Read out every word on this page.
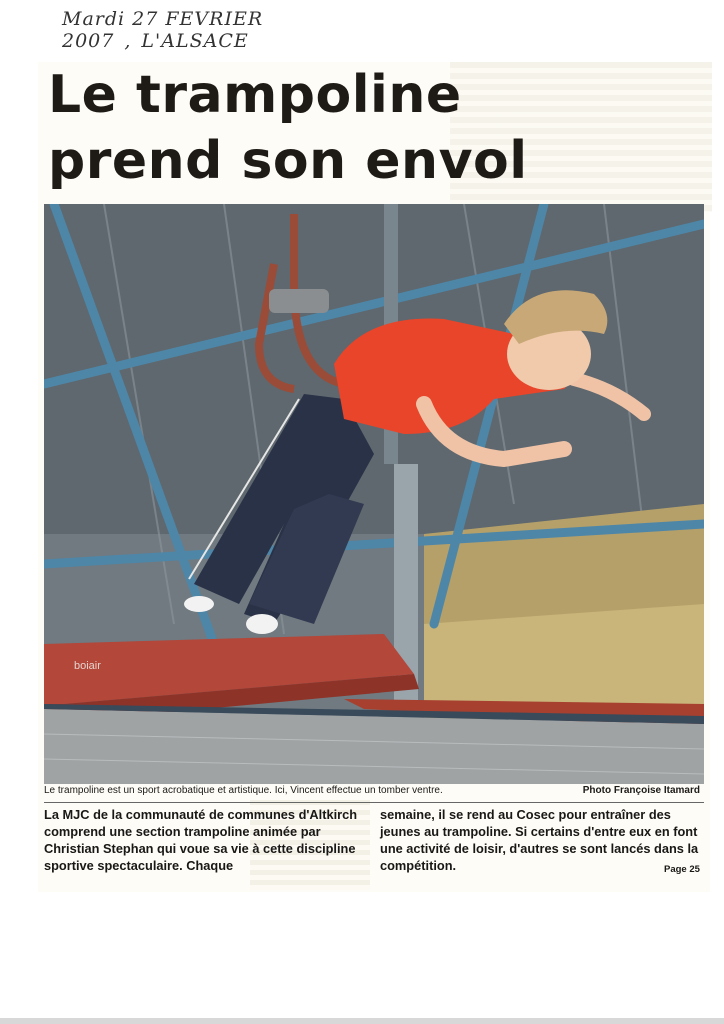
Mardi 27 FEVRIER 2007 , L'ALSACE
Le trampoline
prend son envol
boiair
Le trampoline est un sport acrobatique et artistique. Ici, Vincent effectue un tomber ventre.	Photo Françoise Itamard
La MJC de la communauté de communes d'Altkirch comprend une section trampoline animée par Christian Stephan qui voue sa vie à cette discipline sportive spectaculaire. Chaque
semaine, il se rend au Cosec pour entraîner des jeunes au trampoline. Si certains d'entre eux en font une activité de loisir, d'autres se sont lancés dans la compétition.	Page 25
